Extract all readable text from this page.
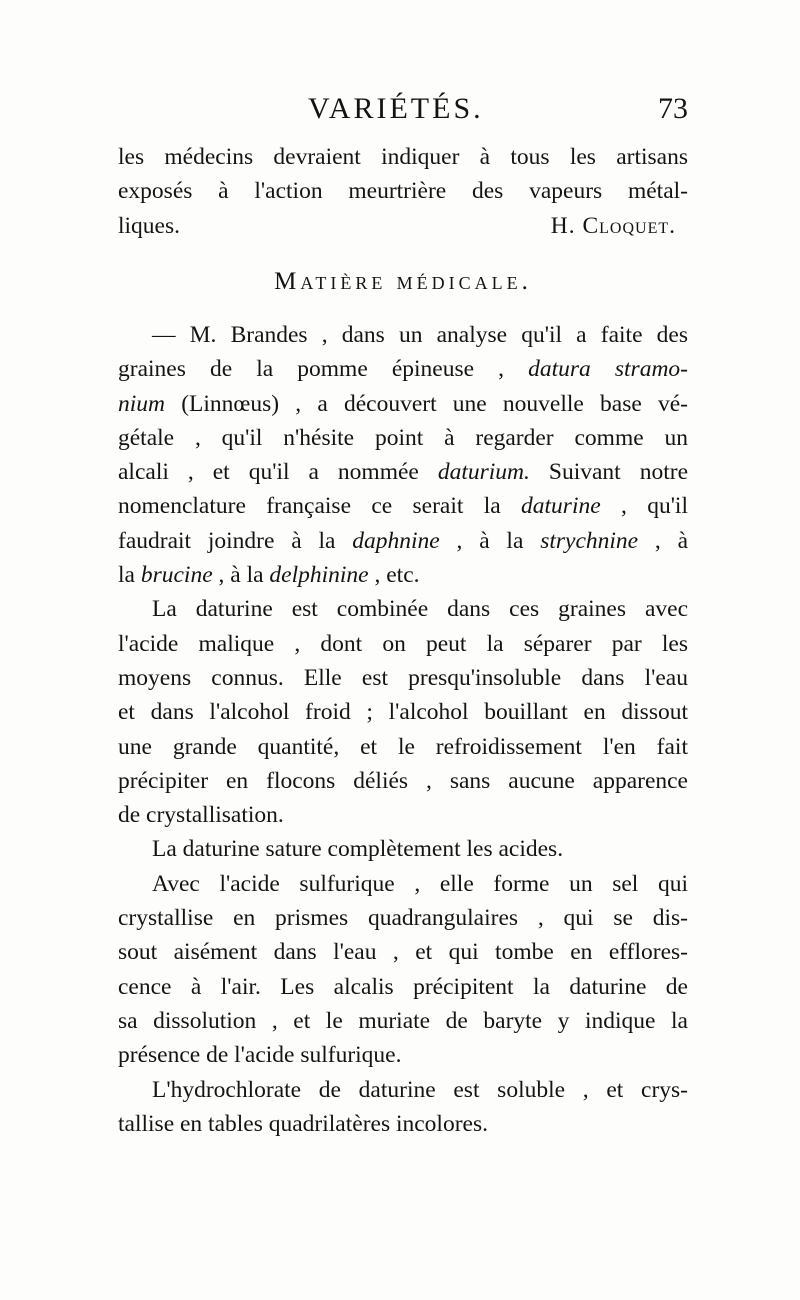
VARIÉTÉS.	73
les médecins devraient indiquer à tous les artisans
exposés à l'action meurtrière des vapeurs métal-
liques.	H. Cloquet.
Matière médicale.
— M. Brandes , dans un analyse qu'il a faite des
graines de la pomme épineuse , datura stramo-
nium (Linnœus) , a découvert une nouvelle base vé-
gétale , qu'il n'hésite point à regarder comme un
alcali , et qu'il a nommée daturium. Suivant notre
nomenclature française ce serait la daturine , qu'il
faudrait joindre à la daphnine , à la strychnine , à
la brucine , à la delphinine , etc.
La daturine est combinée dans ces graines avec
l'acide malique , dont on peut la séparer par les
moyens connus. Elle est presqu'insoluble dans l'eau
et dans l'alcohol froid ; l'alcohol bouillant en dissout
une grande quantité, et le refroidissement l'en fait
précipiter en flocons déliés , sans aucune apparence
de crystallisation.
La daturine sature complètement les acides.
Avec l'acide sulfurique , elle forme un sel qui
crystallise en prismes quadrangulaires , qui se dis-
sout aisément dans l'eau , et qui tombe en efflores-
cence à l'air. Les alcalis précipitent la daturine de
sa dissolution , et le muriate de baryte y indique la
présence de l'acide sulfurique.
L'hydrochlorate de daturine est soluble , et crys-
tallise en tables quadrilatères incolores.
